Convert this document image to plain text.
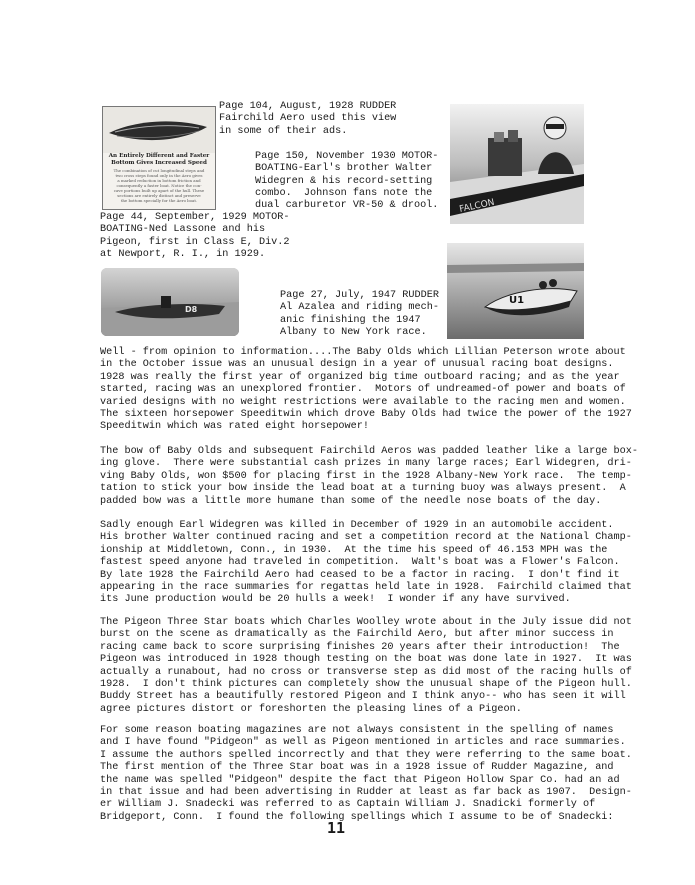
An Entirely Different and Faster
Bottom Gives Increased Speed
The combination of cut longitudinal steps and
two cross steps found only in the Aero gives
a marked reduction in bottom friction and
consequently a faster boat. Notice the con-
cave portions built up apart of the hull. These
sections are entirely distinct and preserve
the bottom specially for the Aero boat.
Page 104, August, 1928 RUDDER
Fairchild Aero used this view
in some of their ads.
Page 150, November 1930 MOTOR-
BOATING-Earl's brother Walter
Widegren & his record-setting
combo.  Johnson fans note the
dual carburetor VR-50 & drool. FALCON
Page 44, September, 1929 MOTOR-
BOATING-Ned Lassone and his
Pigeon, first in Class E, Div.2
at Newport, R. I., in 1929.
D8
Page 27, July, 1947 RUDDER
Al Azalea and riding mech-
anic finishing the 1947
Albany to New York race.
U1
Well - from opinion to information....The Baby Olds which Lillian Peterson wrote about
in the October issue was an unusual design in a year of unusual racing boat designs.
1928 was really the first year of organized big time outboard racing; and as the year
started, racing was an unexplored frontier.  Motors of undreamed-of power and boats of
varied designs with no weight restrictions were available to the racing men and women.
The sixteen horsepower Speeditwin which drove Baby Olds had twice the power of the 1927
Speeditwin which was rated eight horsepower!
The bow of Baby Olds and subsequent Fairchild Aeros was padded leather like a large box-
ing glove.  There were substantial cash prizes in many large races; Earl Widegren, dri-
ving Baby Olds, won $500 for placing first in the 1928 Albany-New York race.  The temp-
tation to stick your bow inside the lead boat at a turning buoy was always present.  A
padded bow was a little more humane than some of the needle nose boats of the day.
Sadly enough Earl Widegren was killed in December of 1929 in an automobile accident.
His brother Walter continued racing and set a competition record at the National Champ-
ionship at Middletown, Conn., in 1930.  At the time his speed of 46.153 MPH was the
fastest speed anyone had traveled in competition.  Walt's boat was a Flower's Falcon.
By late 1928 the Fairchild Aero had ceased to be a factor in racing.  I don't find it
appearing in the race summaries for regattas held late in 1928.  Fairchild claimed that
its June production would be 20 hulls a week!  I wonder if any have survived.
The Pigeon Three Star boats which Charles Woolley wrote about in the July issue did not
burst on the scene as dramatically as the Fairchild Aero, but after minor success in
racing came back to score surprising finishes 20 years after their introduction!  The
Pigeon was introduced in 1928 though testing on the boat was done late in 1927.  It was
actually a runabout, had no cross or transverse step as did most of the racing hulls of
1928.  I don't think pictures can completely show the unusual shape of the Pigeon hull.
Buddy Street has a beautifully restored Pigeon and I think anyo-- who has seen it will
agree pictures distort or foreshorten the pleasing lines of a Pigeon.
For some reason boating magazines are not always consistent in the spelling of names
and I have found "Pidgeon" as well as Pigeon mentioned in articles and race summaries.
I assume the authors spelled incorrectly and that they were referring to the same boat.
The first mention of the Three Star boat was in a 1928 issue of Rudder Magazine, and
the name was spelled "Pidgeon" despite the fact that Pigeon Hollow Spar Co. had an ad
in that issue and had been advertising in Rudder at least as far back as 1907.  Design-
er William J. Snadecki was referred to as Captain William J. Snadicki formerly of
Bridgeport, Conn.  I found the following spellings which I assume to be of Snadecki:
11
